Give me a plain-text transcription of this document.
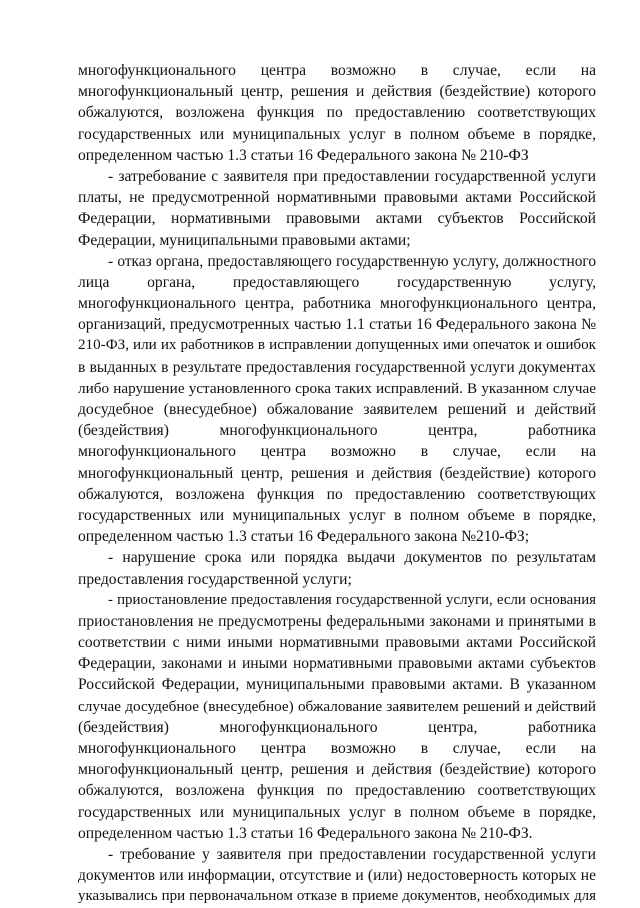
многофункционального центра возможно в случае, если на
многофункциональный центр, решения и действия (бездействие) которого
обжалуются, возложена функция по предоставлению соответствующих
государственных или муниципальных услуг в полном объеме в порядке,
определенном частью 1.3 статьи 16 Федерального закона № 210-ФЗ
- затребование с заявителя при предоставлении государственной услуги
платы, не предусмотренной нормативными правовыми актами Российской
Федерации, нормативными правовыми актами субъектов Российской
Федерации, муниципальными правовыми актами;
- отказ органа, предоставляющего государственную услугу, должностного
лица органа, предоставляющего государственную услугу,
многофункционального центра, работника многофункционального центра,
организаций, предусмотренных частью 1.1 статьи 16 Федерального закона №
210-ФЗ, или их работников в исправлении допущенных ими опечаток и ошибок
в выданных в результате предоставления государственной услуги документах
либо нарушение установленного срока таких исправлений. В указанном случае
досудебное (внесудебное) обжалование заявителем решений и действий
(бездействия) многофункционального центра, работника
многофункционального центра возможно в случае, если на
многофункциональный центр, решения и действия (бездействие) которого
обжалуются, возложена функция по предоставлению соответствующих
государственных или муниципальных услуг в полном объеме в порядке,
определенном частью 1.3 статьи 16 Федерального закона №210-ФЗ;
- нарушение срока или порядка выдачи документов по результатам
предоставления государственной услуги;
- приостановление предоставления государственной услуги, если основания
приостановления не предусмотрены федеральными законами и принятыми в
соответствии с ними иными нормативными правовыми актами Российской
Федерации, законами и иными нормативными правовыми актами субъектов
Российской Федерации, муниципальными правовыми актами. В указанном
случае досудебное (внесудебное) обжалование заявителем решений и действий
(бездействия) многофункционального центра, работника
многофункционального центра возможно в случае, если на
многофункциональный центр, решения и действия (бездействие) которого
обжалуются, возложена функция по предоставлению соответствующих
государственных или муниципальных услуг в полном объеме в порядке,
определенном частью 1.3 статьи 16 Федерального закона № 210-ФЗ.
- требование у заявителя при предоставлении государственной услуги
документов или информации, отсутствие и (или) недостоверность которых не
указывались при первоначальном отказе в приеме документов, необходимых для
